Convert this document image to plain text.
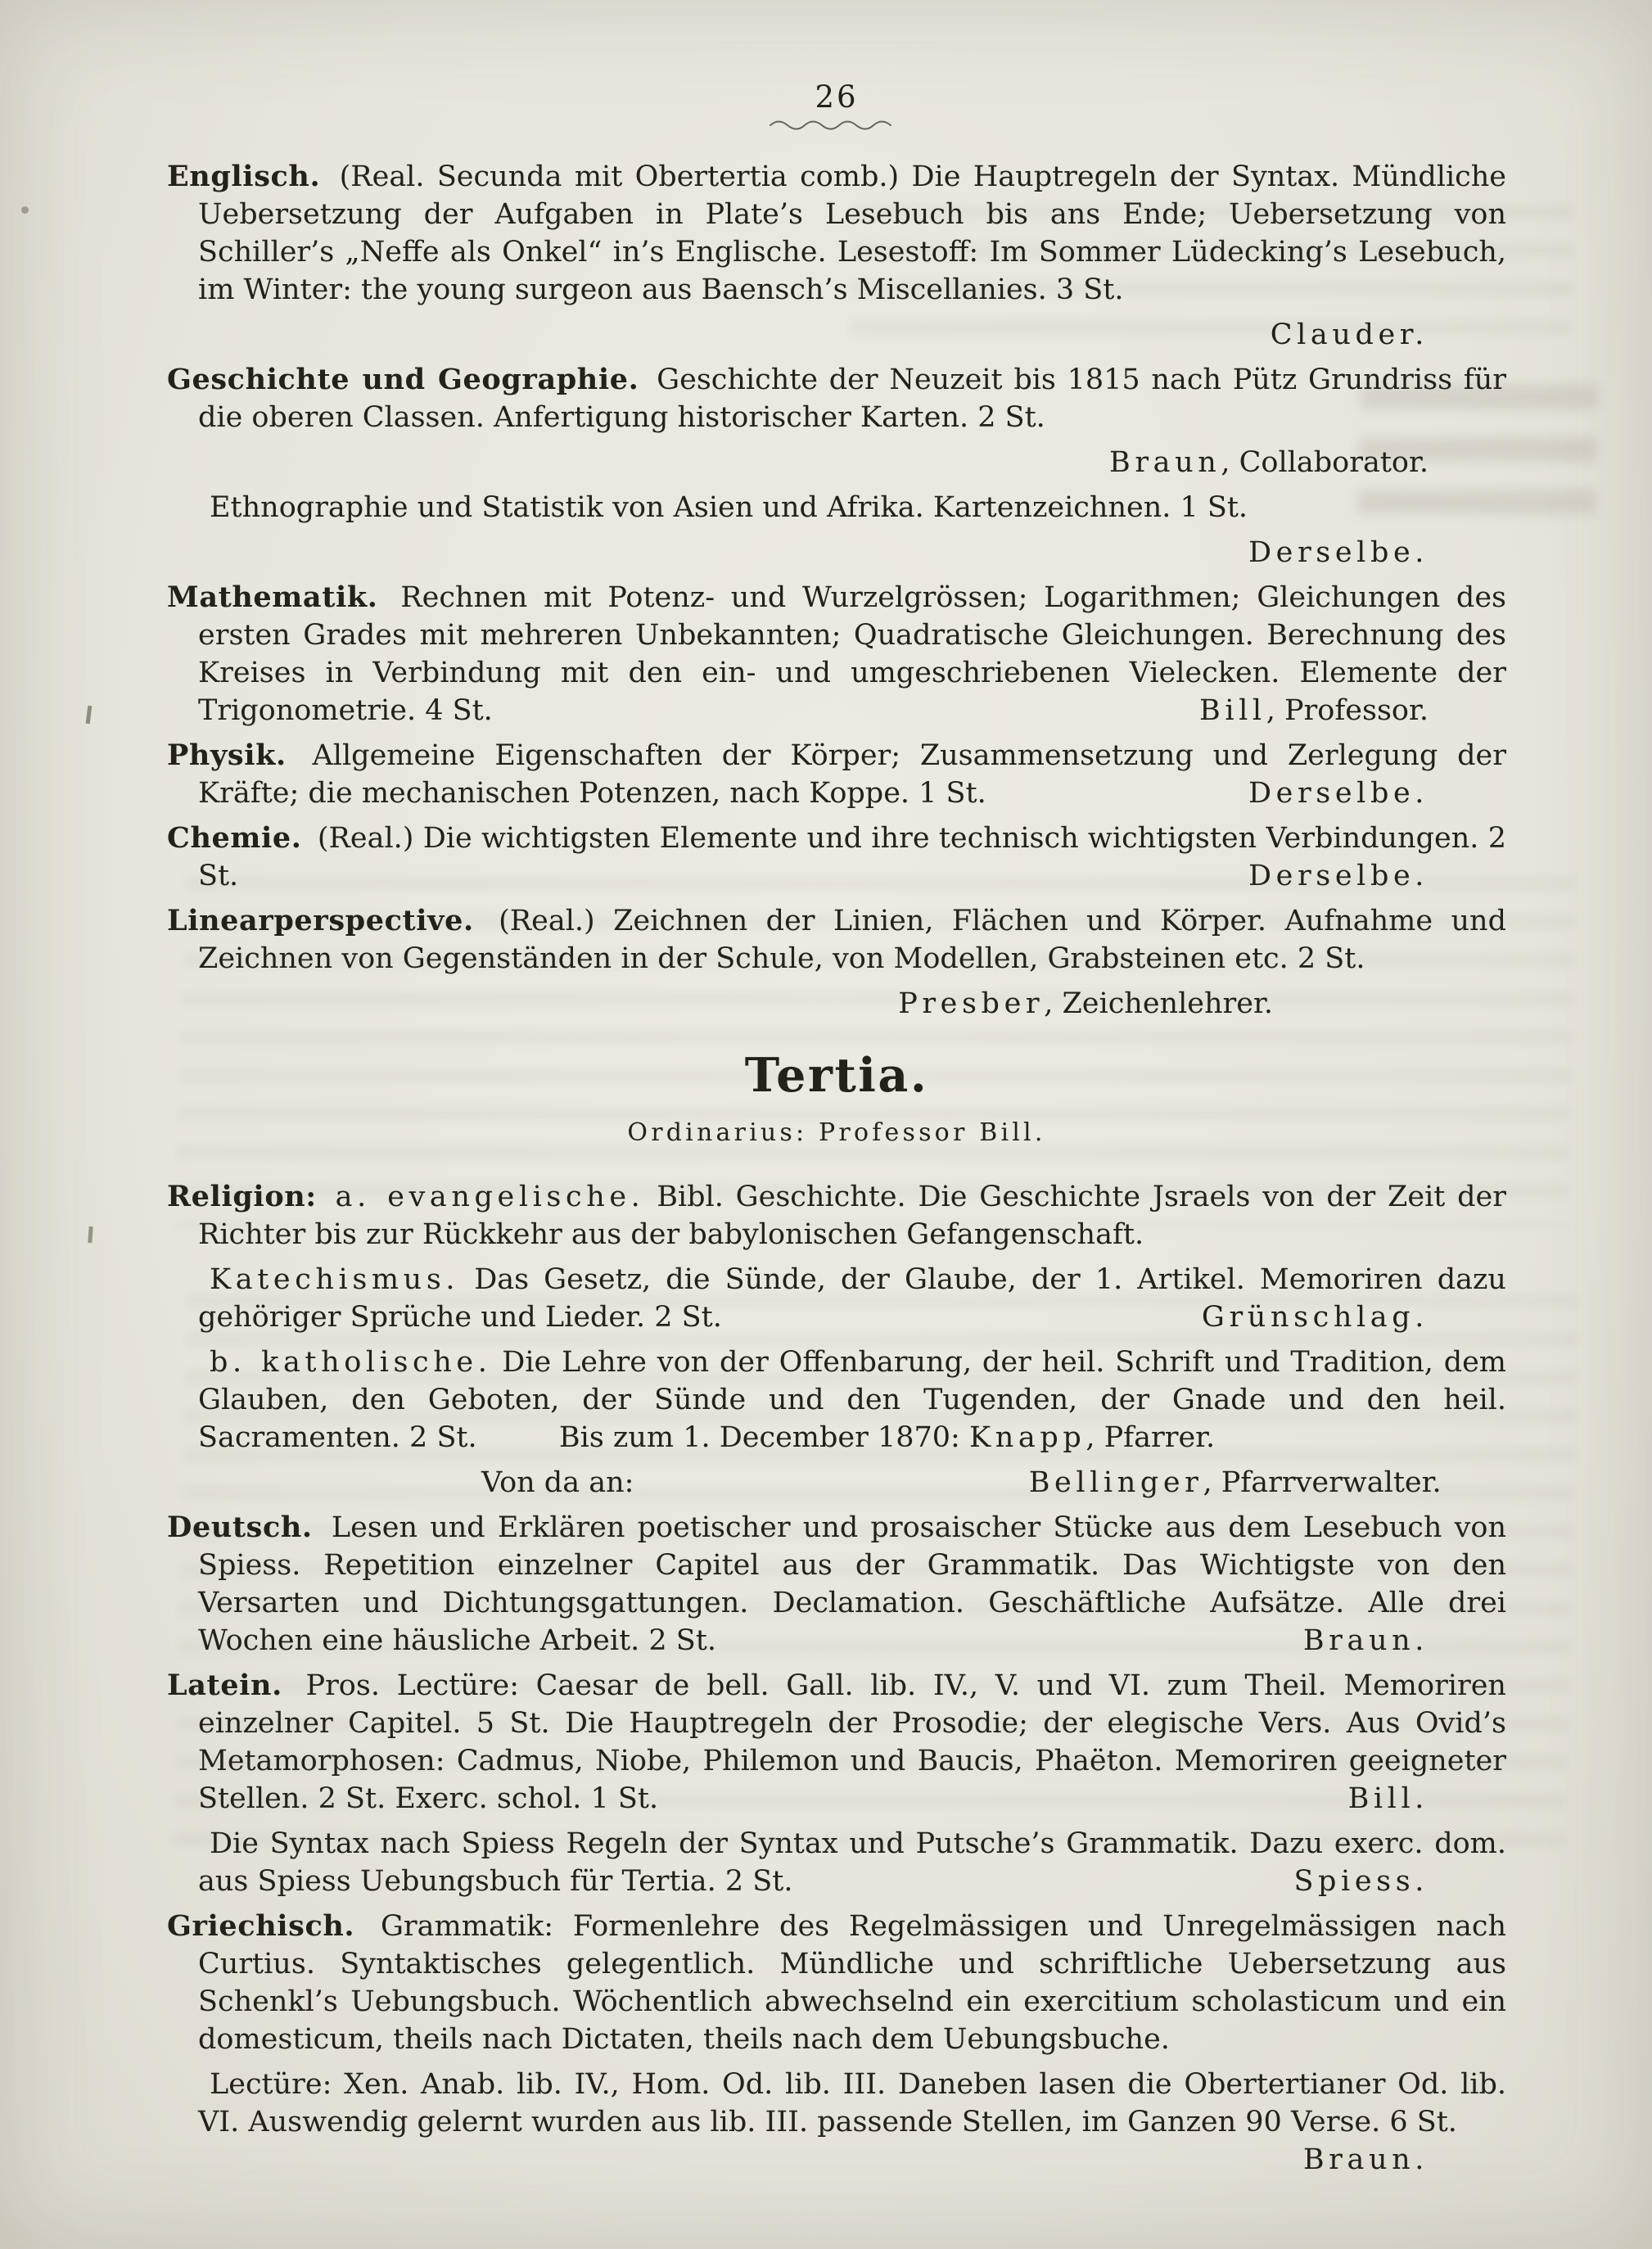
26

Englisch. (Real. Secunda mit Obertertia comb.) Die Hauptregeln der Syntax. Mündliche Uebersetzung der Aufgaben in Plate’s Lesebuch bis ans Ende; Uebersetzung von Schiller’s „Neffe als Onkel“ in’s Englische. Lesestoff: Im Sommer Lüdecking’s Lesebuch, im Winter: the young surgeon aus Baensch’s Miscellanies. 3 St.

Clauder.

Geschichte und Geographie. Geschichte der Neuzeit bis 1815 nach Pütz Grundriss für die oberen Classen. Anfertigung historischer Karten. 2 St.

Braun, Collaborator.

Ethnographie und Statistik von Asien und Afrika. Kartenzeichnen. 1 St.

Derselbe.

Mathematik. Rechnen mit Potenz- und Wurzelgrössen; Logarithmen; Gleichungen des ersten Grades mit mehreren Unbekannten; Quadratische Gleichungen. Berechnung des Kreises in Verbindung mit den ein- und umgeschriebenen Vielecken. Elemente der Trigonometrie. 4 St.	Bill, Professor.

Physik. Allgemeine Eigenschaften der Körper; Zusammensetzung und Zerlegung der Kräfte; die mechanischen Potenzen, nach Koppe. 1 St.	Derselbe.

Chemie. (Real.) Die wichtigsten Elemente und ihre technisch wichtigsten Verbindungen. 2 St.	Derselbe.

Linearperspective. (Real.) Zeichnen der Linien, Flächen und Körper. Aufnahme und Zeichnen von Gegenständen in der Schule, von Modellen, Grabsteinen etc. 2 St.

Presber, Zeichenlehrer.
Tertia.
Ordinarius: Professor Bill.

Religion: a. evangelische. Bibl. Geschichte. Die Geschichte Jsraels von der Zeit der Richter bis zur Rückkehr aus der babylonischen Gefangenschaft.

Katechismus. Das Gesetz, die Sünde, der Glaube, der 1. Artikel. Memoriren dazu gehöriger Sprüche und Lieder. 2 St.	Grünschlag.

b. katholische. Die Lehre von der Offenbarung, der heil. Schrift und Tradition, dem Glauben, den Geboten, der Sünde und den Tugenden, der Gnade und den heil. Sacramenten. 2 St.	Bis zum 1. December 1870: Knapp, Pfarrer.

Von da an:	Bellinger, Pfarrverwalter.

Deutsch. Lesen und Erklären poetischer und prosaischer Stücke aus dem Lesebuch von Spiess. Repetition einzelner Capitel aus der Grammatik. Das Wichtigste von den Versarten und Dichtungsgattungen. Declamation. Geschäftliche Aufsätze. Alle drei Wochen eine häusliche Arbeit. 2 St.	Braun.

Latein. Pros. Lectüre: Caesar de bell. Gall. lib. IV., V. und VI. zum Theil. Memoriren einzelner Capitel. 5 St. Die Hauptregeln der Prosodie; der elegische Vers. Aus Ovid’s Metamorphosen: Cadmus, Niobe, Philemon und Baucis, Phaëton. Memoriren geeigneter Stellen. 2 St. Exerc. schol. 1 St.	Bill.

Die Syntax nach Spiess Regeln der Syntax und Putsche’s Grammatik. Dazu exerc. dom. aus Spiess Uebungsbuch für Tertia. 2 St.	Spiess.

Griechisch. Grammatik: Formenlehre des Regelmässigen und Unregelmässigen nach Curtius. Syntaktisches gelegentlich. Mündliche und schriftliche Uebersetzung aus Schenkl’s Uebungsbuch. Wöchentlich abwechselnd ein exercitium scholasticum und ein domesticum, theils nach Dictaten, theils nach dem Uebungsbuche.

Lectüre: Xen. Anab. lib. IV., Hom. Od. lib. III. Daneben lasen die Obertertianer Od. lib. VI. Auswendig gelernt wurden aus lib. III. passende Stellen, im Ganzen 90 Verse. 6 St.
Braun.
